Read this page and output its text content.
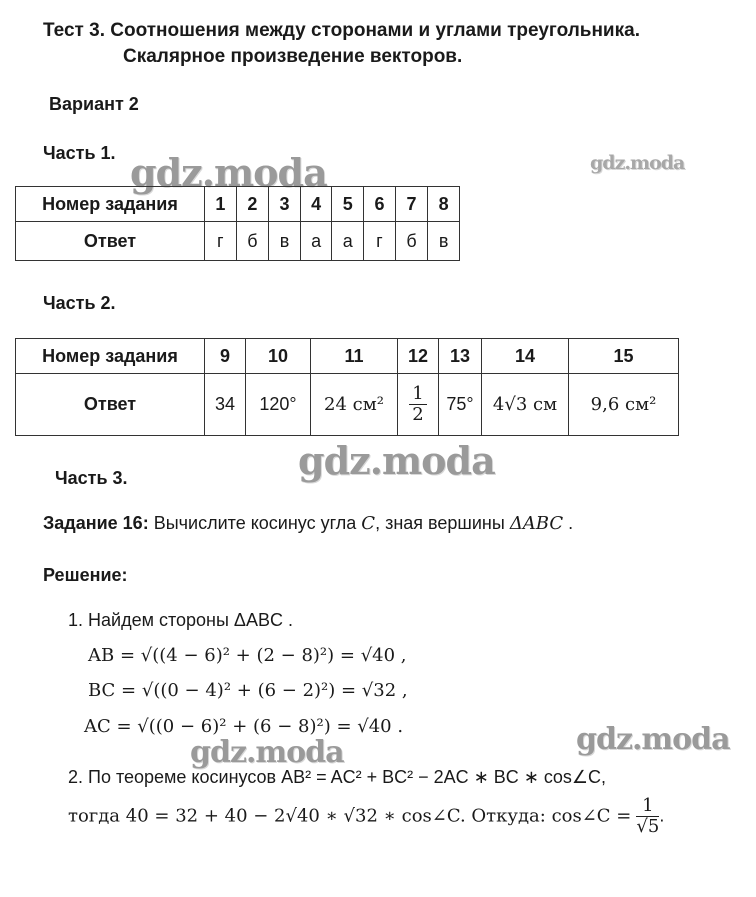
Тест 3. Соотношения между сторонами и углами треугольника.
Скалярное произведение векторов.
Вариант 2
Часть 1. gdz.moda	gdz.moda
Номер задания	1	2	3	4	5	6	7	8
Ответ	г	б	в	а	а	г	б	в
Часть 2.
Номер задания	9	10	11	12	13	14	15
Ответ	34	120°	24 см²	$\frac{1}{2}$	75°	4√3 см	9,6 см²
gdz.moda
Часть 3.
Задание 16: Вычислите косинус угла C, зная вершины ΔABC .
Решение:
1. Найдем стороны ΔABC .
AB = √((4 − 6)² + (2 − 8)²) = √40 ,
BC = √((0 − 4)² + (6 − 2)²) = √32 ,
AC = √((0 − 6)² + (6 − 8)²) = √40 .
gdz.moda	gdz.moda
2. По теореме косинусов AB² = AC² + BC² − 2AC ∗ BC ∗ cos∠C,
тогда 40 = 32 + 40 − 2√40 ∗ √32 ∗ cos∠C. Откуда: cos∠C = $\frac{1}{√5}$ .
